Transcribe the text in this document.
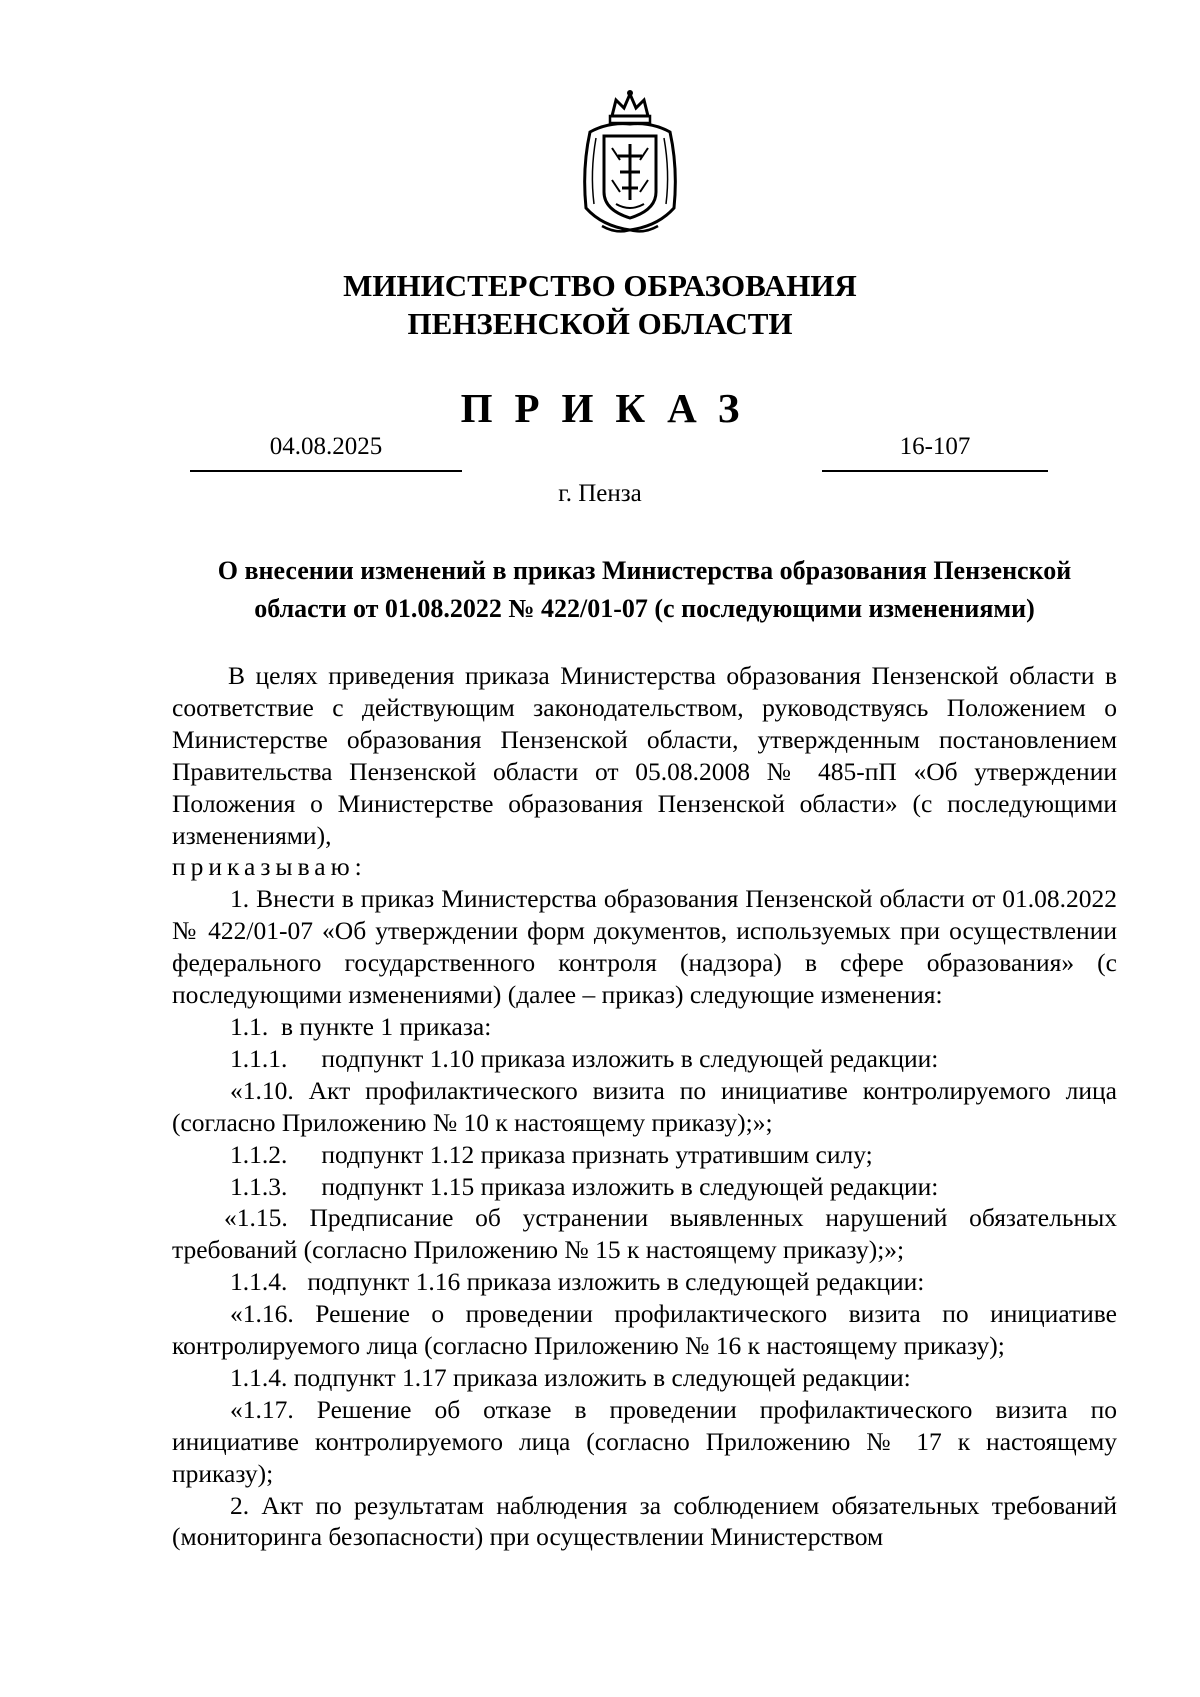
МИНИСТЕРСТВО ОБРАЗОВАНИЯ
ПЕНЗЕНСКОЙ ОБЛАСТИ
ПРИКАЗ
04.08.2025	16-107
г. Пенза
О внесении изменений в приказ Министерства образования Пензенской области от 01.08.2022 № 422/01-07 (с последующими изменениями)

В целях приведения приказа Министерства образования Пензенской области в соответствие с действующим законодательством, руководствуясь Положением о Министерстве образования Пензенской области, утвержденным постановлением Правительства Пензенской области от 05.08.2008 № 485-пП «Об утверждении Положения о Министерстве образования Пензенской области» (с последующими изменениями),

приказываю:

1. Внести в приказ Министерства образования Пензенской области от 01.08.2022 № 422/01-07 «Об утверждении форм документов, используемых при осуществлении федерального государственного контроля (надзора) в сфере образования» (с последующими изменениями) (далее – приказ) следующие изменения:

1.1.  в пункте 1 приказа:

1.1.1. подпункт 1.10 приказа изложить в следующей редакции:

«1.10. Акт профилактического визита по инициативе контролируемого лица (согласно Приложению № 10 к настоящему приказу);»;

1.1.2. подпункт 1.12 приказа признать утратившим силу;

1.1.3. подпункт 1.15 приказа изложить в следующей редакции:

«1.15. Предписание об устранении выявленных нарушений обязательных требований (согласно Приложению № 15 к настоящему приказу);»;

1.1.4. подпункт 1.16 приказа изложить в следующей редакции:

«1.16. Решение о проведении профилактического визита по инициативе контролируемого лица (согласно Приложению № 16 к настоящему приказу);

1.1.4. подпункт 1.17 приказа изложить в следующей редакции:

«1.17. Решение об отказе в проведении профилактического визита по инициативе контролируемого лица (согласно Приложению № 17 к настоящему приказу);

2. Акт по результатам наблюдения за соблюдением обязательных требований (мониторинга безопасности) при осуществлении Министерством
